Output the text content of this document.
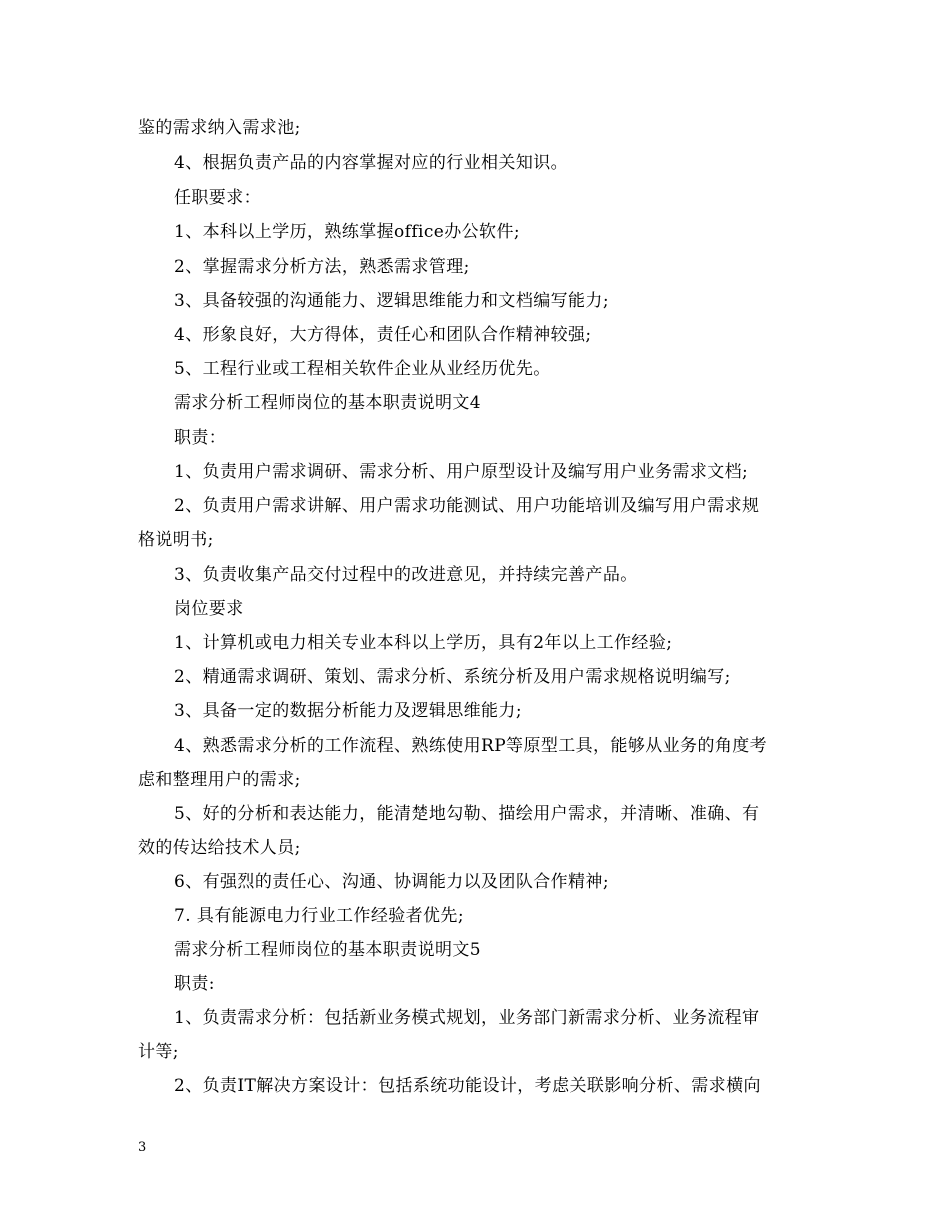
鉴的需求纳入需求池;
4、根据负责产品的内容掌握对应的行业相关知识。
任职要求：
1、本科以上学历，熟练掌握office办公软件;
2、掌握需求分析方法，熟悉需求管理;
3、具备较强的沟通能力、逻辑思维能力和文档编写能力;
4、形象良好，大方得体，责任心和团队合作精神较强;
5、工程行业或工程相关软件企业从业经历优先。
需求分析工程师岗位的基本职责说明文4
职责：
1、负责用户需求调研、需求分析、用户原型设计及编写用户业务需求文档;
2、负责用户需求讲解、用户需求功能测试、用户功能培训及编写用户需求规
格说明书;
3、负责收集产品交付过程中的改进意见，并持续完善产品。
岗位要求
1、计算机或电力相关专业本科以上学历，具有2年以上工作经验;
2、精通需求调研、策划、需求分析、系统分析及用户需求规格说明编写;
3、具备一定的数据分析能力及逻辑思维能力;
4、熟悉需求分析的工作流程、熟练使用RP等原型工具，能够从业务的角度考
虑和整理用户的需求;
5、好的分析和表达能力，能清楚地勾勒、描绘用户需求，并清晰、准确、有
效的传达给技术人员;
6、有强烈的责任心、沟通、协调能力以及团队合作精神;
7. 具有能源电力行业工作经验者优先;
需求分析工程师岗位的基本职责说明文5
职责:
1、负责需求分析：包括新业务模式规划，业务部门新需求分析、业务流程审
计等;
2、负责IT解决方案设计：包括系统功能设计，考虑关联影响分析、需求横向
3
